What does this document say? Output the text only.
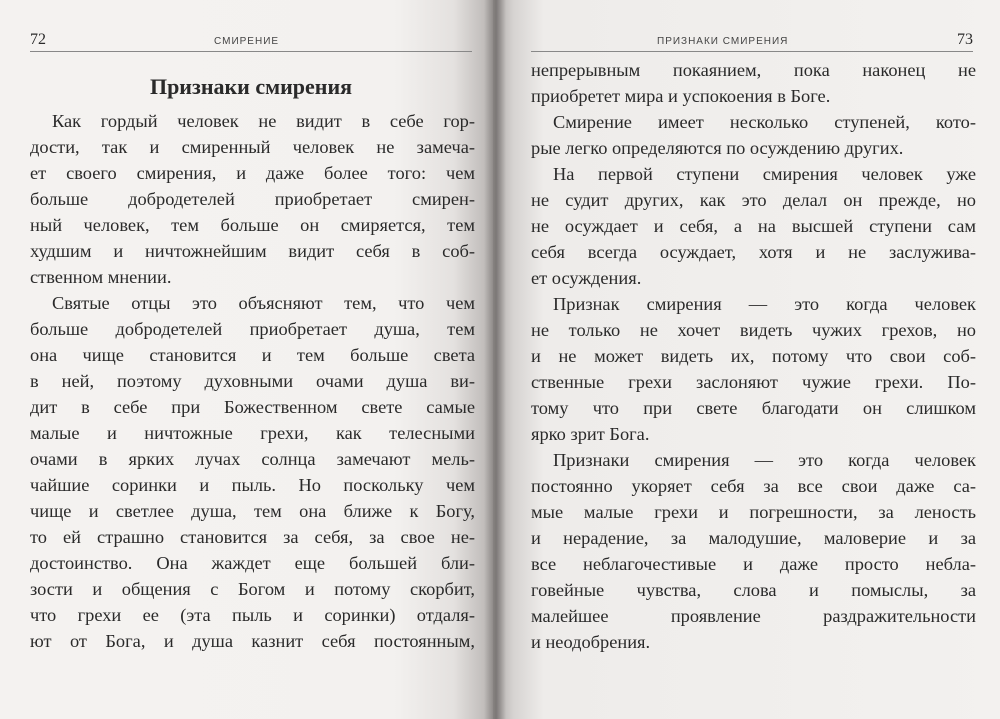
72	СМИРЕНИЕ
Признаки смирения
Как гордый человек не видит в себе гор-
дости, так и смиренный человек не замеча-
ет своего смирения, и даже более того: чем
больше добродетелей приобретает смирен-
ный человек, тем больше он смиряется, тем
худшим и ничтожнейшим видит себя в соб-
ственном мнении.
Святые отцы это объясняют тем, что чем
больше добродетелей приобретает душа, тем
она чище становится и тем больше света
в ней, поэтому духовными очами душа ви-
дит в себе при Божественном свете самые
малые и ничтожные грехи, как телесными
очами в ярких лучах солнца замечают мель-
чайшие соринки и пыль. Но поскольку чем
чище и светлее душа, тем она ближе к Богу,
то ей страшно становится за себя, за свое не-
достоинство. Она жаждет еще большей бли-
зости и общения с Богом и потому скорбит,
что грехи ее (эта пыль и соринки) отдаля-
ют от Бога, и душа казнит себя постоянным,
ПРИЗНАКИ СМИРЕНИЯ	73
непрерывным покаянием, пока наконец не
приобретет мира и успокоения в Боге.
Смирение имеет несколько ступеней, кото-
рые легко определяются по осуждению других.
На первой ступени смирения человек уже
не судит других, как это делал он прежде, но
не осуждает и себя, а на высшей ступени сам
себя всегда осуждает, хотя и не заслужива-
ет осуждения.
Признак смирения — это когда человек
не только не хочет видеть чужих грехов, но
и не может видеть их, потому что свои соб-
ственные грехи заслоняют чужие грехи. По-
тому что при свете благодати он слишком
ярко зрит Бога.
Признаки смирения — это когда человек
постоянно укоряет себя за все свои даже са-
мые малые грехи и погрешности, за леность
и нерадение, за малодушие, маловерие и за
все неблагочестивые и даже просто небла-
говейные чувства, слова и помыслы, за
малейшее проявление раздражительности
и неодобрения.
